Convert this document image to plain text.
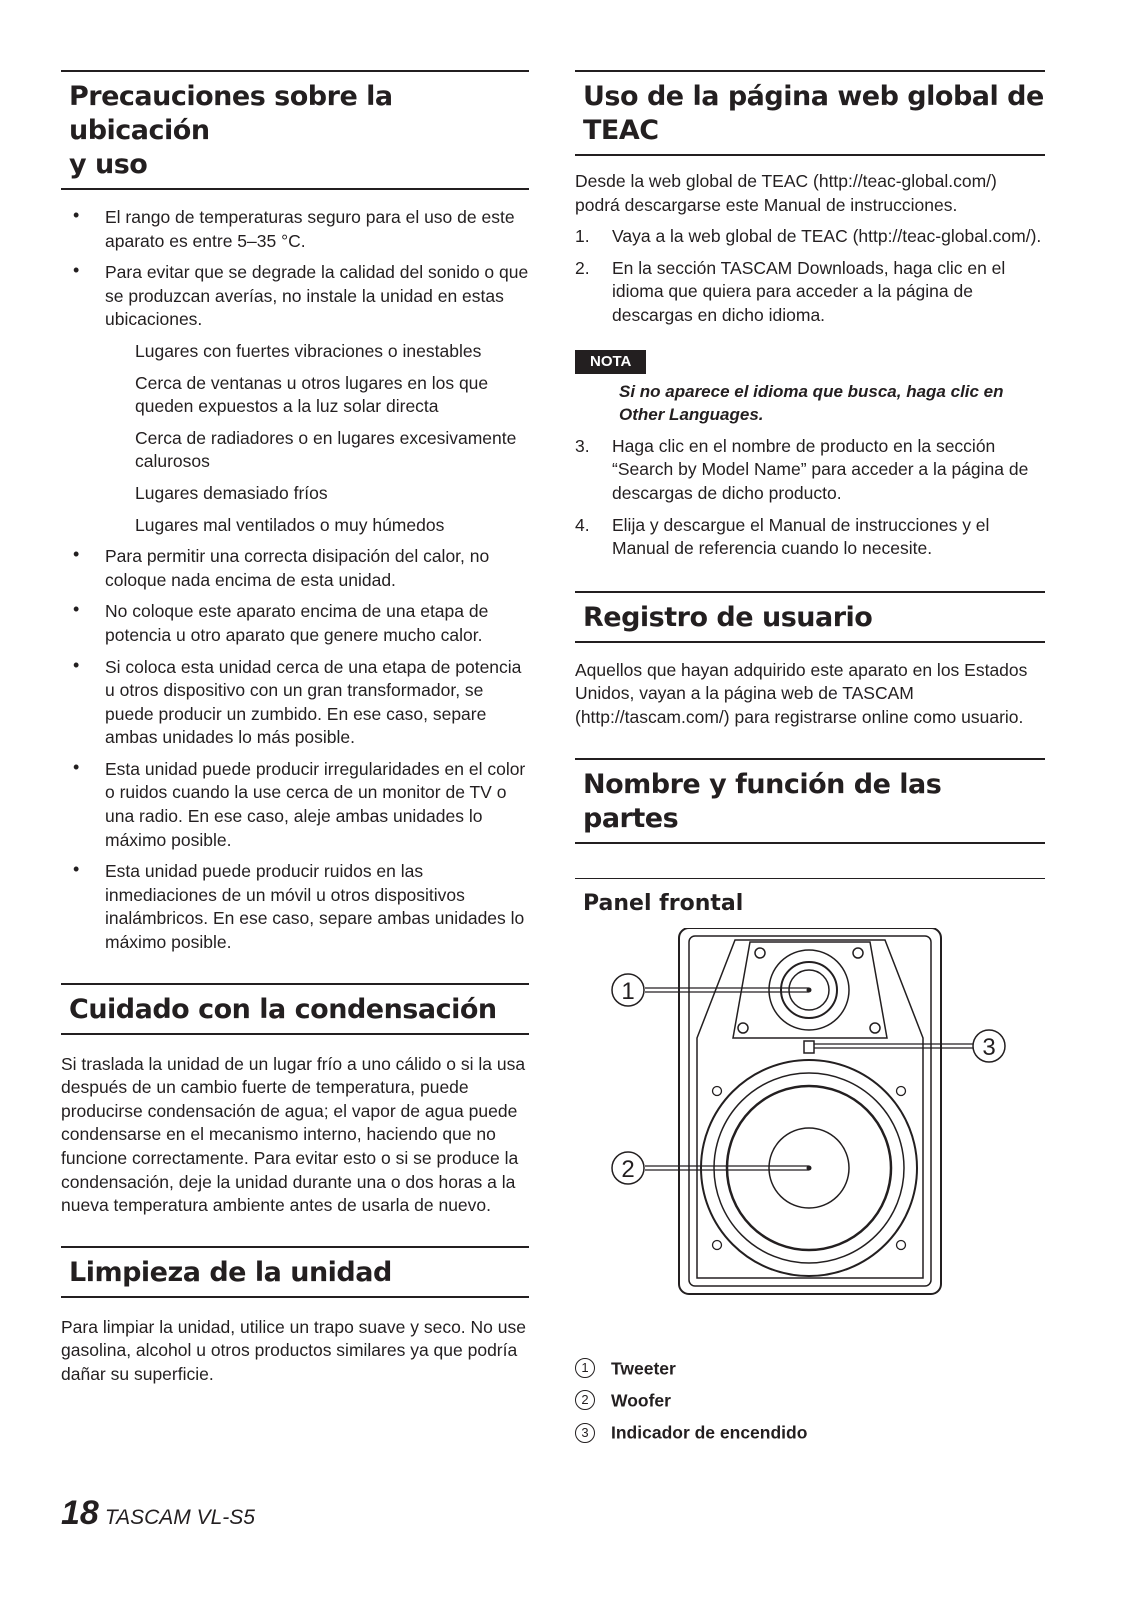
Precauciones sobre la ubicación
y uso
• El rango de temperaturas seguro para el uso de este aparato es entre 5–35 °C.
• Para evitar que se degrade la calidad del sonido o que se produzcan averías, no instale la unidad en estas ubicaciones.
Lugares con fuertes vibraciones o inestables
Cerca de ventanas u otros lugares en los que queden expuestos a la luz solar directa
Cerca de radiadores o en lugares excesivamente calurosos
Lugares demasiado fríos
Lugares mal ventilados o muy húmedos
• Para permitir una correcta disipación del calor, no coloque nada encima de esta unidad.
• No coloque este aparato encima de una etapa de potencia u otro aparato que genere mucho calor.
• Si coloca esta unidad cerca de una etapa de potencia u otros dispositivo con un gran transformador, se puede producir un zumbido. En ese caso, separe ambas unidades lo más posible.
• Esta unidad puede producir irregularidades en el color o ruidos cuando la use cerca de un monitor de TV o una radio. En ese caso, aleje ambas unidades lo máximo posible.
• Esta unidad puede producir ruidos en las inmediaciones de un móvil u otros dispositivos inalámbricos. En ese caso, separe ambas unidades lo máximo posible.
Cuidado con la condensación

Si traslada la unidad de un lugar frío a uno cálido o si la usa después de un cambio fuerte de temperatura, puede producirse condensación de agua; el vapor de agua puede condensarse en el mecanismo interno, haciendo que no funcione correctamente. Para evitar esto o si se produce la condensación, deje la unidad durante una o dos horas a la nueva temperatura ambiente antes de usarla de nuevo.

Limpieza de la unidad

Para limpiar la unidad, utilice un trapo suave y seco. No use gasolina, alcohol u otros productos similares ya que podría dañar su superficie.

Uso de la página web global de
TEAC

Desde la web global de TEAC (http://teac-global.com/) podrá descargarse este Manual de instrucciones.

1. Vaya a la web global de TEAC (http://teac-global.com/).
2. En la sección TASCAM Downloads, haga clic en el idioma que quiera para acceder a la página de descargas en dicho idioma.
NOTA

Si no aparece el idioma que busca, haga clic en Other Languages.

3. Haga clic en el nombre de producto en la sección “Search by Model Name” para acceder a la página de descargas de dicho producto.
4. Elija y descargue el Manual de instrucciones y el Manual de referencia cuando lo necesite.
Registro de usuario

Aquellos que hayan adquirido este aparato en los Estados Unidos, vayan a la página web de TASCAM (http://tascam.com/) para registrarse online como usuario.

Nombre y función de las partes
Panel frontal
1
2
3
1 Tweeter
2 Woofer
3 Indicador de encendido
18 TASCAM VL-S5
